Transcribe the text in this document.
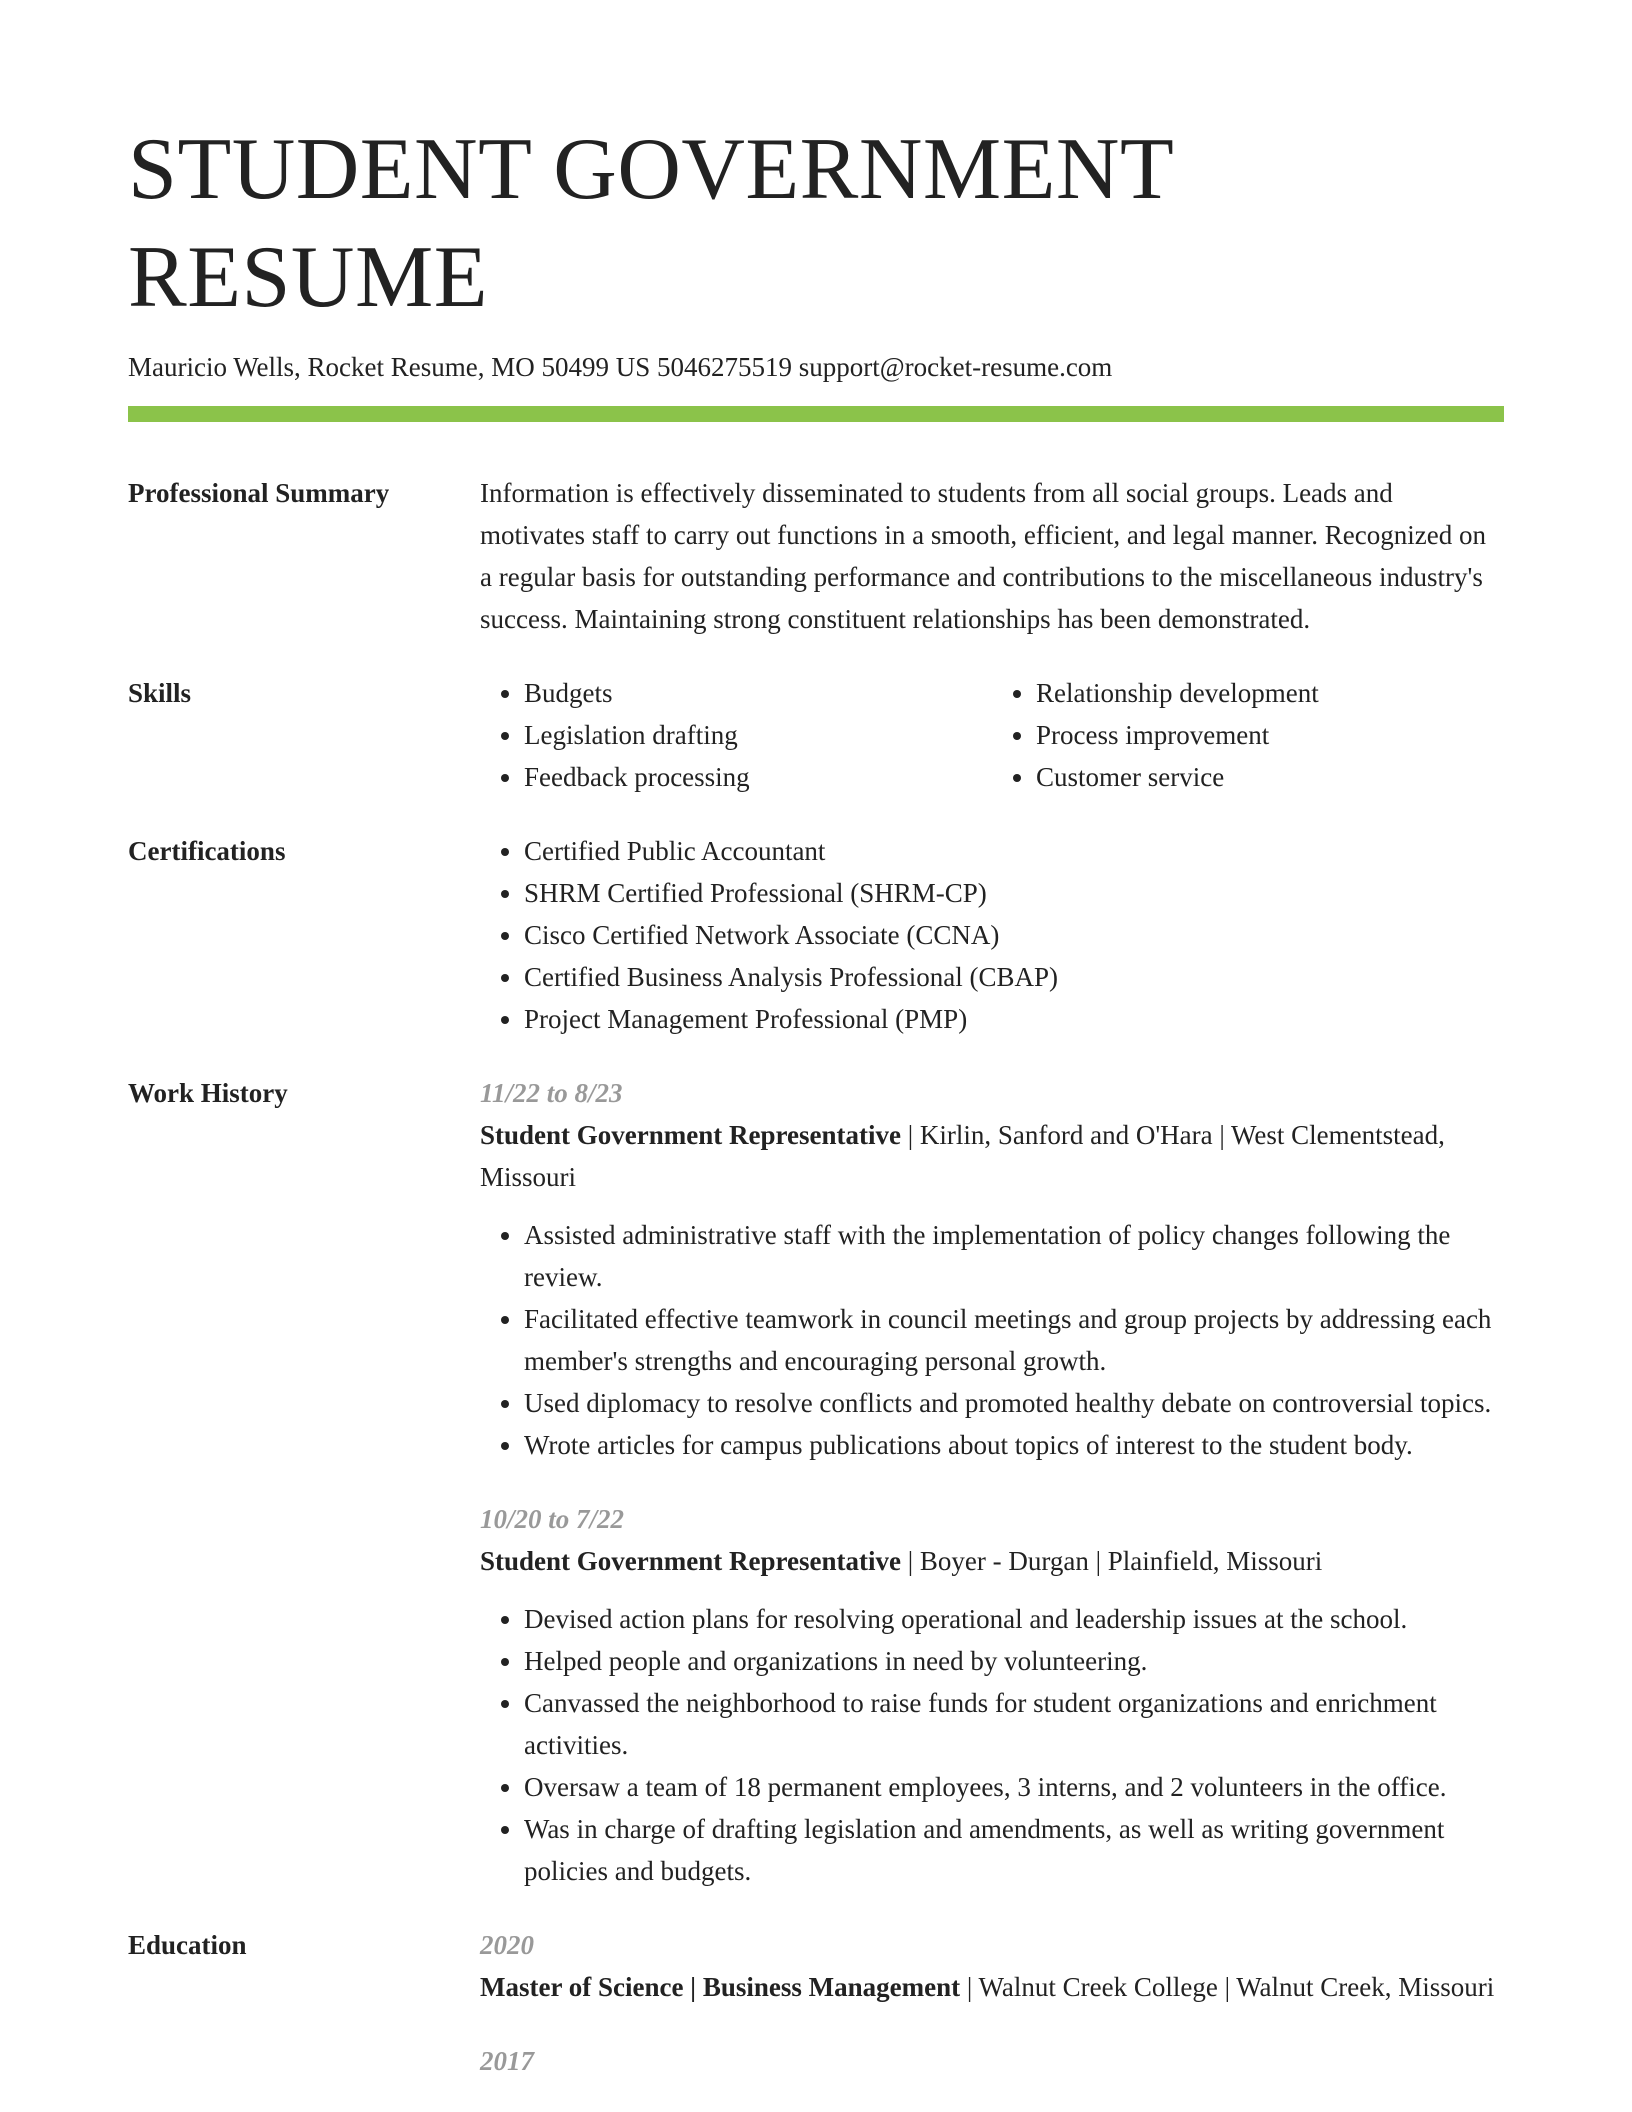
STUDENT GOVERNMENT RESUME
Mauricio Wells, Rocket Resume, MO 50499 US 5046275519 support@rocket-resume.com
Professional Summary	Information is effectively disseminated to students from all social groups. Leads and motivates staff to carry out functions in a smooth, efficient, and legal manner. Recognized on a regular basis for outstanding performance and contributions to the miscellaneous industry's success. Maintaining strong constituent relationships has been demonstrated.
Skills	• Budgets
• Legislation drafting
• Feedback processing
• Relationship development
• Process improvement
• Customer service
Certifications	• Certified Public Accountant
• SHRM Certified Professional (SHRM-CP)
• Cisco Certified Network Associate (CCNA)
• Certified Business Analysis Professional (CBAP)
• Project Management Professional (PMP)
Work History	11/22 to 8/23
Student Government Representative | Kirlin, Sanford and O'Hara | West Clementstead, Missouri
• Assisted administrative staff with the implementation of policy changes following the review.
• Facilitated effective teamwork in council meetings and group projects by addressing each member's strengths and encouraging personal growth.
• Used diplomacy to resolve conflicts and promoted healthy debate on controversial topics.
• Wrote articles for campus publications about topics of interest to the student body.
10/20 to 7/22
Student Government Representative | Boyer - Durgan | Plainfield, Missouri
• Devised action plans for resolving operational and leadership issues at the school.
• Helped people and organizations in need by volunteering.
• Canvassed the neighborhood to raise funds for student organizations and enrichment activities.
• Oversaw a team of 18 permanent employees, 3 interns, and 2 volunteers in the office.
• Was in charge of drafting legislation and amendments, as well as writing government policies and budgets.
Education	2020
Master of Science | Business Management | Walnut Creek College | Walnut Creek, Missouri
2017
